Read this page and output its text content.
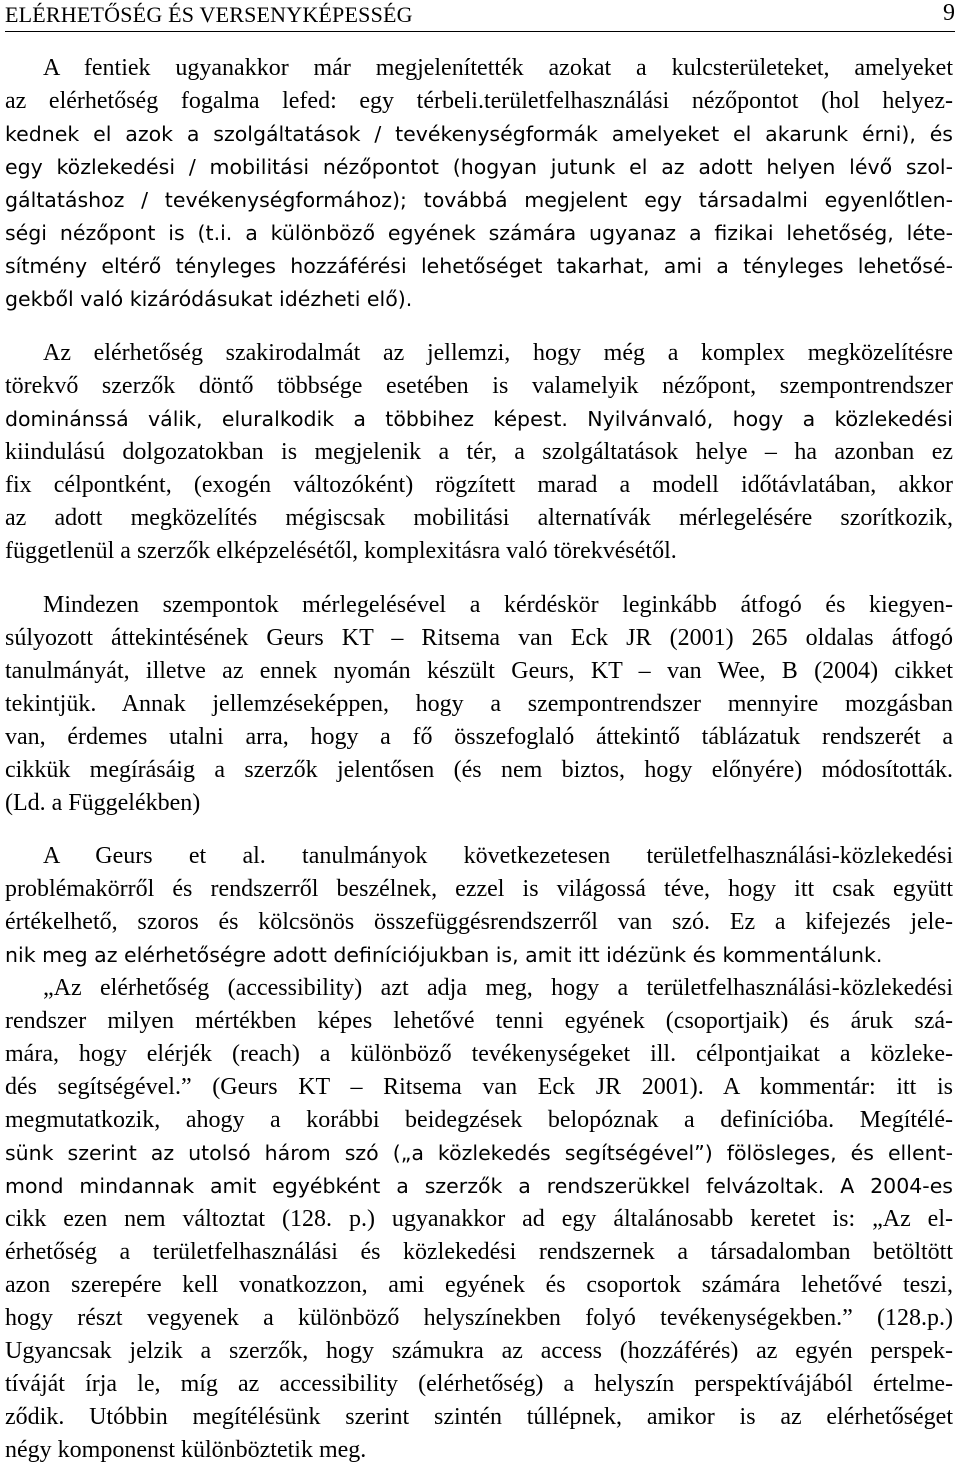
ELÉRHETŐSÉG ÉS VERSENYKÉPESSÉG	9
A fentiek ugyanakkor már megjelenítették azokat a kulcsterületeket, amelyeket
az elérhetőség fogalma lefed: egy térbeli.területfelhasználási nézőpontot (hol helyez-
kednek el azok a szolgáltatások / tevékenységformák amelyeket el akarunk érni), és
egy közlekedési / mobilitási nézőpontot (hogyan jutunk el az adott helyen lévő szol-
gáltatáshoz / tevékenységformához); továbbá megjelent egy társadalmi egyenlőtlen-
ségi nézőpont is (t.i. a különböző egyének számára ugyanaz a fizikai lehetőség, léte-
sítmény eltérő tényleges hozzáférési lehetőséget takarhat, ami a tényleges lehetősé-
gekből való kizáródásukat idézheti elő).
Az elérhetőség szakirodalmát az jellemzi, hogy még a komplex megközelítésre
törekvő szerzők döntő többsége esetében is valamelyik nézőpont, szempontrendszer
dominánssá válik, eluralkodik a többihez képest. Nyilvánvaló, hogy a közlekedési
kiindulású dolgozatokban is megjelenik a tér, a szolgáltatások helye – ha azonban ez
fix célpontként, (exogén változóként) rögzített marad a modell időtávlatában, akkor
az adott megközelítés mégiscsak mobilitási alternatívák mérlegelésére szorítkozik,
függetlenül a szerzők elképzelésétől, komplexitásra való törekvésétől.
Mindezen szempontok mérlegelésével a kérdéskör leginkább átfogó és kiegyen-
súlyozott áttekintésének Geurs KT – Ritsema van Eck JR (2001) 265 oldalas átfogó
tanulmányát, illetve az ennek nyomán készült Geurs, KT – van Wee, B (2004) cikket
tekintjük. Annak jellemzéseképpen, hogy a szempontrendszer mennyire mozgásban
van, érdemes utalni arra, hogy a fő összefoglaló áttekintő táblázatuk rendszerét a
cikkük megírásáig a szerzők jelentősen (és nem biztos, hogy előnyére) módosították.
(Ld. a Függelékben)
A Geurs et al. tanulmányok következetesen területfelhasználási-közlekedési
problémakörről és rendszerről beszélnek, ezzel is világossá téve, hogy itt csak együtt
értékelhető, szoros és kölcsönös összefüggésrendszerről van szó. Ez a kifejezés jele-
nik meg az elérhetőségre adott definíciójukban is, amit itt idézünk és kommentálunk.
„Az elérhetőség (accessibility) azt adja meg, hogy a területfelhasználási-közlekedési
rendszer milyen mértékben képes lehetővé tenni egyének (csoportjaik) és áruk szá-
mára, hogy elérjék (reach) a különböző tevékenységeket ill. célpontjaikat a közleke-
dés segítségével.” (Geurs KT – Ritsema van Eck JR 2001). A kommentár: itt is
megmutatkozik, ahogy a korábbi beidegzések belopóznak a definícióba. Megítélé-
sünk szerint az utolsó három szó („a közlekedés segítségével”) fölösleges, és ellent-
mond mindannak amit egyébként a szerzők a rendszerükkel felvázoltak. A 2004-es
cikk ezen nem változtat (128. p.) ugyanakkor ad egy általánosabb keretet is: „Az el-
érhetőség a területfelhasználási és közlekedési rendszernek a társadalomban betöltött
azon szerepére kell vonatkozzon, ami egyének és csoportok számára lehetővé teszi,
hogy részt vegyenek a különböző helyszínekben folyó tevékenységekben.” (128.p.)
Ugyancsak jelzik a szerzők, hogy számukra az access (hozzáférés) az egyén perspek-
tíváját írja le, míg az accessibility (elérhetőség) a helyszín perspektívájából értelme-
ződik. Utóbbin megítélésünk szerint szintén túllépnek, amikor is az elérhetőséget
négy komponenst különböztetik meg.
